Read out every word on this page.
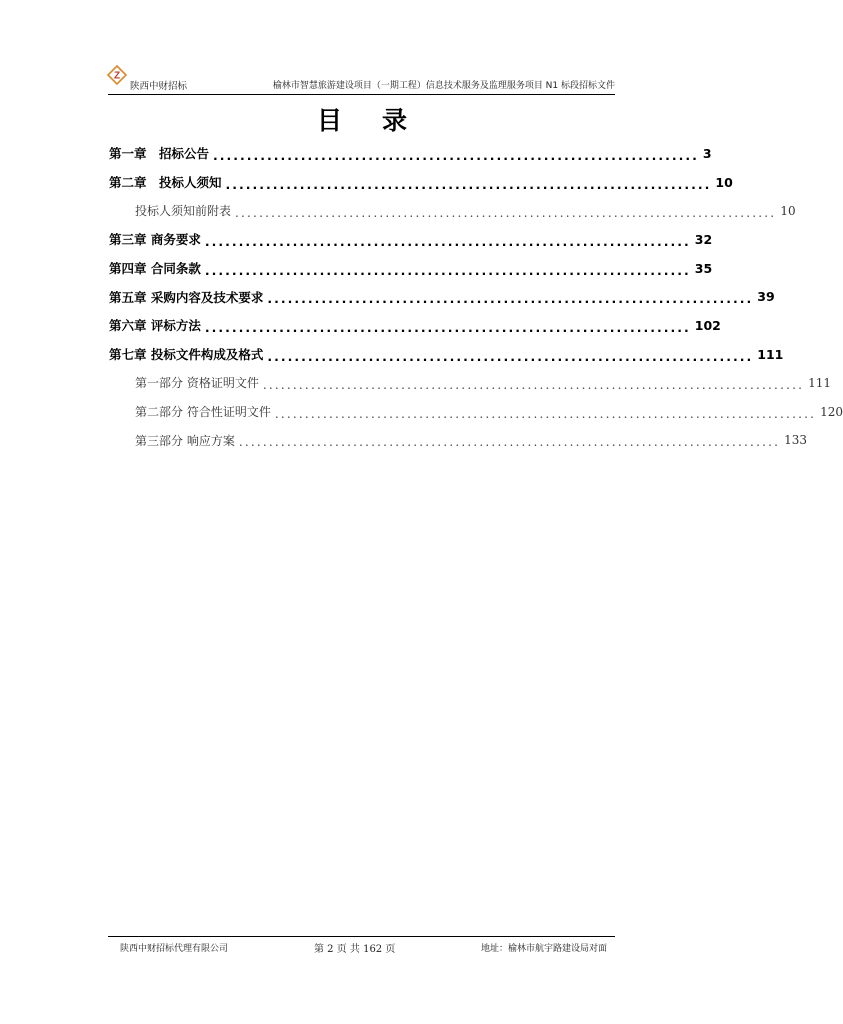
Z
陕西中财招标	榆林市智慧旅游建设项目（一期工程）信息技术服务及监理服务项目 N1 标段招标文件
目录
第一章　招标公告 ........................................................................ 3
第二章　投标人须知 ........................................................................ 10
投标人须知前附表 .......................................................................................... 10
第三章 商务要求 ........................................................................ 32
第四章 合同条款 ........................................................................ 35
第五章 采购内容及技术要求 ........................................................................ 39
第六章 评标方法 ........................................................................ 102
第七章 投标文件构成及格式 ........................................................................ 111
第一部分 资格证明文件 .......................................................................................... 111
第二部分 符合性证明文件 .......................................................................................... 120
第三部分 响应方案 .......................................................................................... 133
陕西中财招标代理有限公司	第 2 页 共 162 页	地址：榆林市航宇路建设局对面
